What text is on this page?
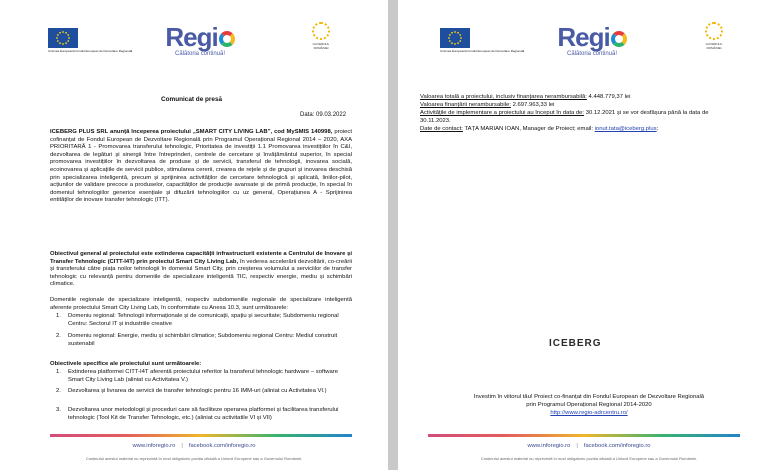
Uniunea Europeană Fondul European de Dezvoltare Regională	Regi
Călătoria continuă!
GUVERNUL ROMÂNIEI
Comunicat de presă
Data: 09.03.2022
ICEBERG PLUS SRL anunță începerea proiectului „SMART CITY LIVING LAB”, cod MySMIS 140998, proiect cofinanțat de Fondul European de Dezvoltare Regională prin Programul Operațional Regional 2014 – 2020, AXA PRIORITARĂ 1 - Promovarea transferului tehnologic, Prioritatea de investiții 1.1 Promovarea investițiilor în C&I, dezvoltarea de legături și sinergii între întreprinderi, centrele de cercetare și învățământul superior, în special promovarea investițiilor în dezvoltarea de produse și de servicii, transferul de tehnologii, inovarea socială, ecoinovarea și aplicațiile de servicii publice, stimularea cererii, crearea de rețele și de grupuri și inovarea deschisă prin specializarea inteligentă, precum și sprijinirea activităților de cercetare tehnologică și aplicată, liniilor-pilot, acțiunilor de validare precoce a produselor, capacităților de producție avansate și de primă producție, în special în domeniul tehnologiilor generice esențiale și difuzării tehnologiilor cu uz general, Operațiunea A - Sprijinirea entităților de inovare transfer tehnologic (ITT).
Obiectivul general al proiectului este extinderea capacității infrastructurii existente a Centrului de Inovare și Transfer Tehnologic (CITT-I4T) prin proiectul Smart City Living Lab, în vederea accelerării dezvoltării, co-creării și transferului către piața noilor tehnologii în domeniul Smart City, prin creșterea volumului a serviciilor de transfer tehnologic cu relevanță pentru domeniile de specializare inteligentă TIC, respectiv energie, mediu și schimbări climatice.
Domeniile regionale de specializare inteligentă, respectiv subdomeniile regionale de specializare inteligentă aferente proiectului Smart City Living Lab, în conformitate cu Anexa 10.3, sunt următoarele:
1. Domeniu regional: Tehnologii informaționale și de comunicații, spațiu și securitate; Subdomeniu regional Centru: Sectorul IT și industriile creative
2. Domeniu regional: Energie, mediu și schimbări climatice; Subdomeniu regional Centru: Mediul construit sustenabil
Obiectivele specifice ale proiectului sunt următoarele:
1. Extinderea platformei CITT-I4T aferentă proiectului referitor la transferul tehnologic hardware – software Smart City Living Lab (aliniat cu Activitatea V.)
2. Dezvoltarea și livrarea de servicii de transfer tehnologic pentru 16 IMM-uri (aliniat cu Activitatea VI.)
3. Dezvoltarea unor metodologii și proceduri care să faciliteze operarea platformei și facilitarea transferului tehnologic (Tool Kit de Transfer Tehnologic, etc.) (aliniat cu activitatile VI și VII)
www.inforegio.ro | facebook.com/inforegio.ro
Conținutul acestui material nu reprezintă în mod obligatoriu poziția oficială a Uniunii Europene sau a Guvernului României.
Uniunea Europeană Fondul European de Dezvoltare Regională	Regi
Călătoria continuă!
GUVERNUL ROMÂNIEI
Valoarea totală a proiectului, inclusiv finanțarea nerambursabilă: 4.448.779,37 lei
Valoarea finanțării nerambursabile: 2.697.963,33 lei
Activitățile de implementare a proiectului au început în data de: 30.12.2021 și se vor desfășura până la data de 30.11.2023.
Date de contact: TAȚA MARIAN IOAN, Manager de Proiect; email: ionut.tata@iceberg.plus;
ICEBERG
Investim în viitorul tău! Proiect co-finanțat din Fondul European de Dezvoltare Regională
prin Programul Operațional Regional 2014-2020
http://www.regio-adrcentru.ro/
www.inforegio.ro | facebook.com/inforegio.ro
Conținutul acestui material nu reprezintă în mod obligatoriu poziția oficială a Uniunii Europene sau a Guvernului României.
